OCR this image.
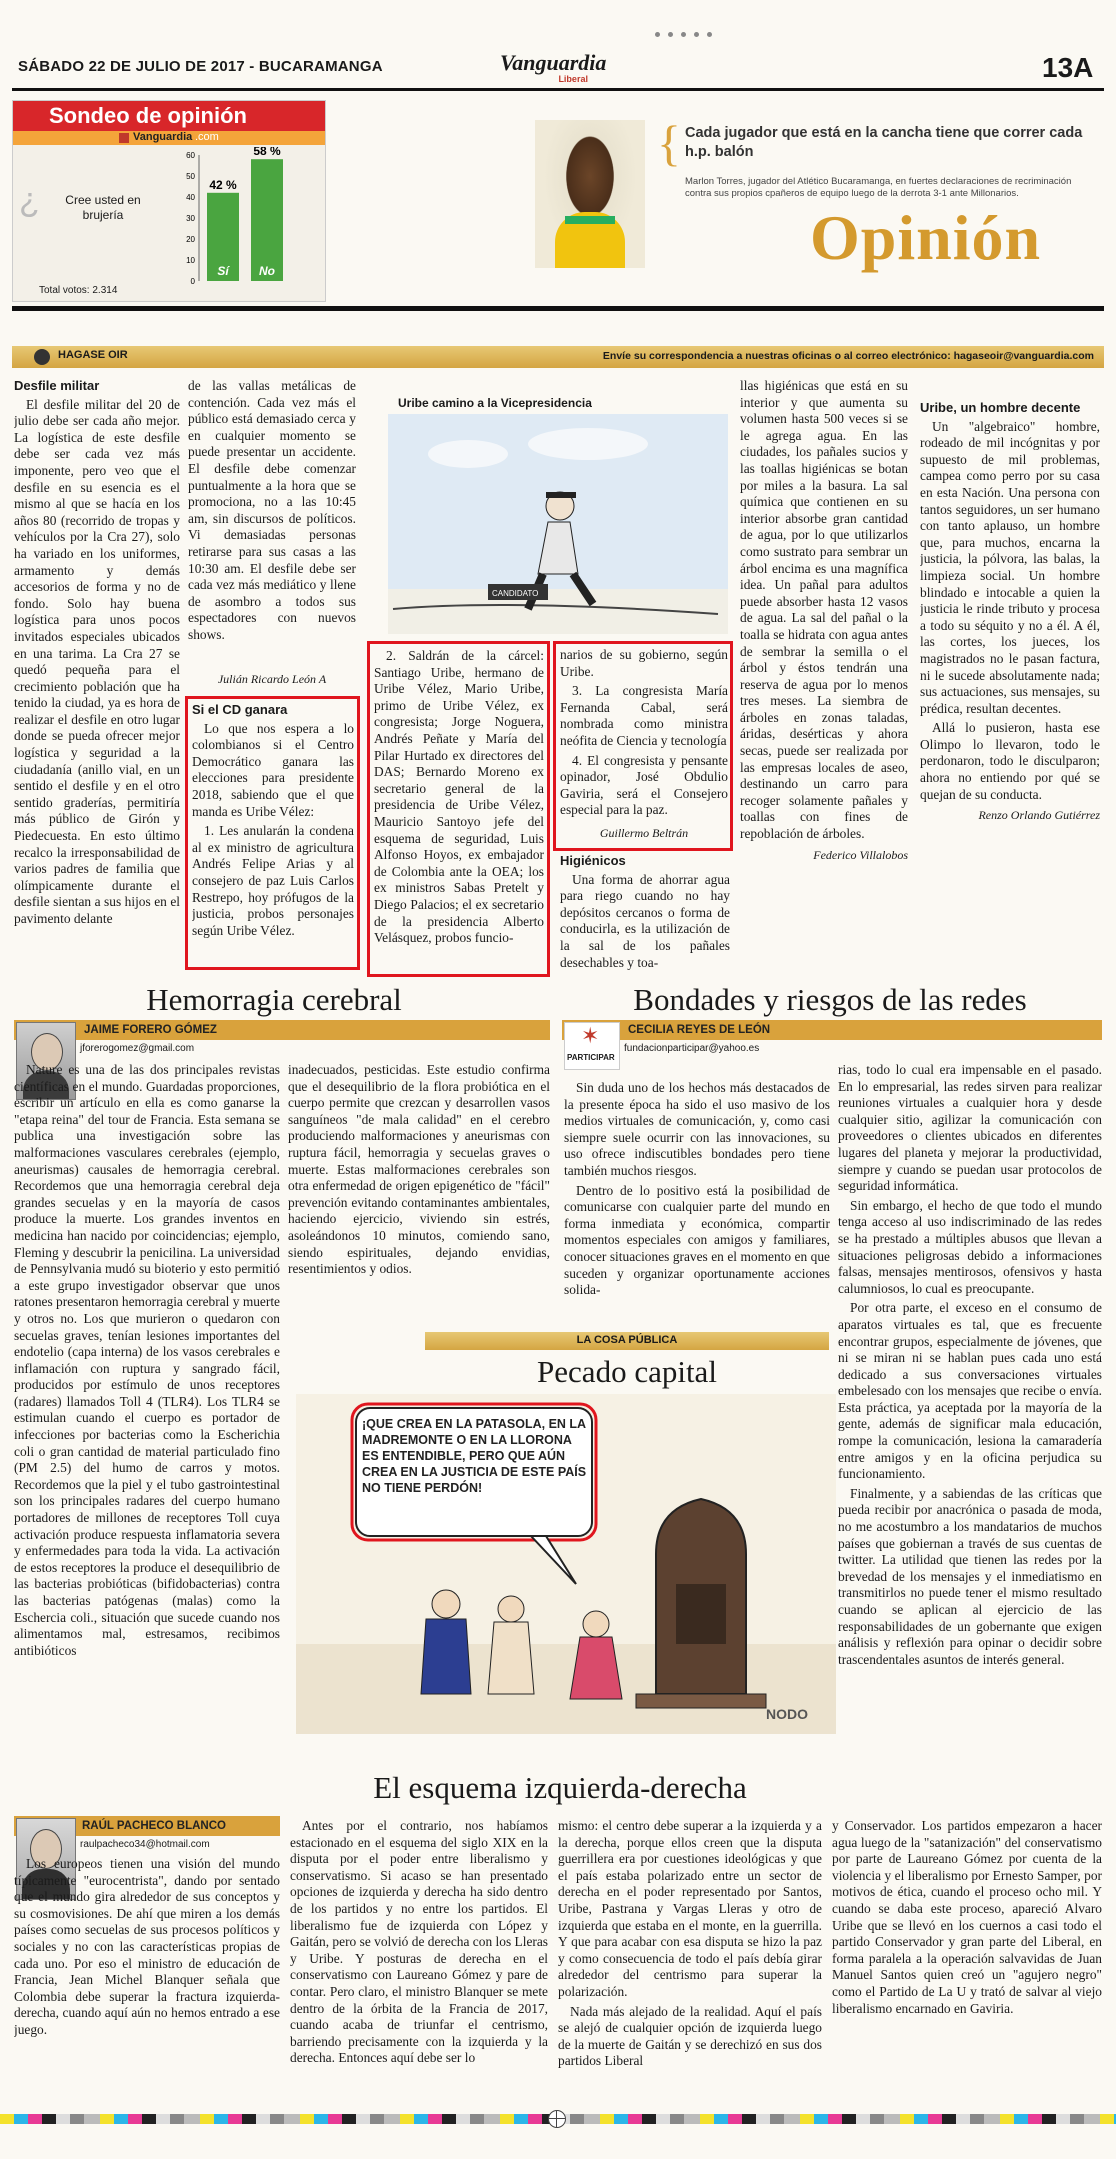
SÁBADO 22 DE JULIO DE 2017 - BUCARAMANGA	Vanguardia
Liberal	13A
Sondeo de opinión
Vanguardia .com
¿	Cree usted en brujería
Total votos: 2.314
0
10
20
30
40
50
60
42 %
Sí
58 %
No
{ Cada jugador que está en la cancha tiene que correr cada h.p. balón
Marlon Torres, jugador del Atlético Bucaramanga, en fuertes declaraciones de recriminación contra sus propios cpañeros de equipo luego de la derrota 3-1 ante Millonarios.
Opinión
HAGASE OIR	Envíe su correspondencia a nuestras oficinas o al correo electrónico: hagaseoir@vanguardia.com
Desfile militar

El desfile militar del 20 de julio debe ser cada año mejor. La logística de este desfile debe ser cada vez más imponente, pero veo que el desfile en su esencia es el mismo al que se hacía en los años 80 (recorrido de tropas y vehículos por la Cra 27), solo ha variado en los uniformes, armamento y demás accesorios de forma y no de fondo. Solo hay buena logística para unos pocos invitados especiales ubicados en una tarima. La Cra 27 se quedó pequeña para el crecimiento población que ha tenido la ciudad, ya es hora de realizar el desfile en otro lugar donde se pueda ofrecer mejor logística y seguridad a la ciudadanía (anillo vial, en un sentido el desfile y en el otro sentido graderías, permitiría más público de Girón y Piedecuesta. En esto último recalco la irresponsabilidad de varios padres de familia que olímpicamente durante el desfile sientan a sus hijos en el pavimento delante

de las vallas metálicas de contención. Cada vez más el público está demasiado cerca y en cualquier momento se puede presentar un accidente. El desfile debe comenzar puntualmente a la hora que se promociona, no a las 10:45 am, sin discursos de políticos. Vi demasiadas personas retirarse para sus casas a las 10:30 am. El desfile debe ser cada vez más mediático y llene de asombro a todos sus espectadores con nuevos shows.

Julián Ricardo León A
Si el CD ganara

Lo que nos espera a lo colombianos si el Centro Democrático ganara las elecciones para presidente 2018, sabiendo que el que manda es Uribe Vélez:

1. Les anularán la condena al ex ministro de agricultura Andrés Felipe Arias y al consejero de paz Luis Carlos Restrepo, hoy prófugos de la justicia, probos personajes según Uribe Vélez.

Uribe camino a la Vicepresidencia
CANDIDATO

2. Saldrán de la cárcel: Santiago Uribe, hermano de Uribe Vélez, Mario Uribe, primo de Uribe Vélez, ex congresista; Jorge Noguera, Andrés Peñate y María del Pilar Hurtado ex directores del DAS; Bernardo Moreno ex secretario general de la presidencia de Uribe Vélez, Mauricio Santoyo jefe del esquema de seguridad, Luis Alfonso Hoyos, ex embajador de Colombia ante la OEA; los ex ministros Sabas Pretelt y Diego Palacios; el ex secretario de la presidencia Alberto Velásquez, probos funcio-

narios de su gobierno, según Uribe.

3. La congresista María Fernanda Cabal, será nombrada como ministra neófita de Ciencia y tecnología

4. El congresista y pensante opinador, José Obdulio Gaviria, será el Consejero especial para la paz.

Guillermo Beltrán
Higiénicos

Una forma de ahorrar agua para riego cuando no hay depósitos cercanos o forma de conducirla, es la utilización de la sal de los pañales desechables y toa-

llas higiénicas que está en su interior y que aumenta su volumen hasta 500 veces si se le agrega agua. En las ciudades, los pañales sucios y las toallas higiénicas se botan por miles a la basura. La sal química que contienen en su interior absorbe gran cantidad de agua, por lo que utilizarlos como sustrato para sembrar un árbol encima es una magnífica idea. Un pañal para adultos puede absorber hasta 12 vasos de agua. La sal del pañal o la toalla se hidrata con agua antes de sembrar la semilla o el árbol y éstos tendrán una reserva de agua por lo menos tres meses. La siembra de árboles en zonas taladas, áridas, desérticas y ahora secas, puede ser realizada por las empresas locales de aseo, destinando un carro para recoger solamente pañales y toallas con fines de repoblación de árboles.

Federico Villalobos
Uribe, un hombre decente

Un "algebraico" hombre, rodeado de mil incógnitas y por supuesto de mil problemas, campea como perro por su casa en esta Nación. Una persona con tantos seguidores, un ser humano con tanto aplauso, un hombre que, para muchos, encarna la justicia, la pólvora, las balas, la limpieza social. Un hombre blindado e intocable a quien la justicia le rinde tributo y procesa a todo su séquito y no a él. A él, las cortes, los jueces, los magistrados no le pasan factura, ni le sucede absolutamente nada; sus actuaciones, sus mensajes, su prédica, resultan decentes.

Allá lo pusieron, hasta ese Olimpo lo llevaron, todo le perdonaron, todo le disculparon; ahora no entiendo por qué se quejan de su conducta.

Renzo Orlando Gutiérrez
Hemorragia cerebral
JAIME FORERO GÓMEZ
jforerogomez@gmail.com

Nature es una de las dos principales revistas científicas en el mundo. Guardadas proporciones, escribir un artículo en ella es como ganarse la "etapa reina" del tour de Francia. Esta semana se publica una investigación sobre las malformaciones vasculares cerebrales (ejemplo, aneurismas) causales de hemorragia cerebral. Recordemos que una hemorragia cerebral deja grandes secuelas y en la mayoría de casos produce la muerte. Los grandes inventos en medicina han nacido por coincidencias; ejemplo, Fleming y descubrir la penicilina. La universidad de Pennsylvania mudó su bioterio y esto permitió a este grupo investigador observar que unos ratones presentaron hemorragia cerebral y muerte y otros no. Los que murieron o quedaron con secuelas graves, tenían lesiones importantes del endotelio (capa interna) de los vasos cerebrales e inflamación con ruptura y sangrado fácil, producidos por estímulo de unos receptores (radares) llamados Toll 4 (TLR4). Los TLR4 se estimulan cuando el cuerpo es portador de infecciones por bacterias como la Escherichia coli o gran cantidad de material particulado fino (PM 2.5) del humo de carros y motos. Recordemos que la piel y el tubo gastrointestinal son los principales radares del cuerpo humano portadores de millones de receptores Toll cuya activación produce respuesta inflamatoria severa y enfermedades para toda la vida. La activación de estos receptores la produce el desequilibrio de las bacterias probióticas (bifidobacterias) contra las bacterias patógenas (malas) como la Eschercia coli., situación que sucede cuando nos alimentamos mal, estresamos, recibimos antibióticos

inadecuados, pesticidas. Este estudio confirma que el desequilibrio de la flora probiótica en el cuerpo permite que crezcan y desarrollen vasos sanguíneos "de mala calidad" en el cerebro produciendo malformaciones y aneurismas con ruptura fácil, hemorragia y secuelas graves o muerte. Estas malformaciones cerebrales son otra enfermedad de origen epigenético de "fácil" prevención evitando contaminantes ambientales, haciendo ejercicio, viviendo sin estrés, asoleándonos 10 minutos, comiendo sano, siendo espirituales, dejando envidias, resentimientos y odios.

Bondades y riesgos de las redes
CECILIA REYES DE LEÓN
✶
PARTICIPAR
fundacionparticipar@yahoo.es

Sin duda uno de los hechos más destacados de la presente época ha sido el uso masivo de los medios virtuales de comunicación, y, como casi siempre suele ocurrir con las innovaciones, su uso ofrece indiscutibles bondades pero tiene también muchos riesgos.

Dentro de lo positivo está la posibilidad de comunicarse con cualquier parte del mundo en forma inmediata y económica, compartir momentos especiales con amigos y familiares, conocer situaciones graves en el momento en que suceden y organizar oportunamente acciones solida-

rias, todo lo cual era impensable en el pasado. En lo empresarial, las redes sirven para realizar reuniones virtuales a cualquier hora y desde cualquier sitio, agilizar la comunicación con proveedores o clientes ubicados en diferentes lugares del planeta y mejorar la productividad, siempre y cuando se puedan usar protocolos de seguridad informática.

Sin embargo, el hecho de que todo el mundo tenga acceso al uso indiscriminado de las redes se ha prestado a múltiples abusos que llevan a situaciones peligrosas debido a informaciones falsas, mensajes mentirosos, ofensivos y hasta calumniosos, lo cual es preocupante.

Por otra parte, el exceso en el consumo de aparatos virtuales es tal, que es frecuente encontrar grupos, especialmente de jóvenes, que ni se miran ni se hablan pues cada uno está dedicado a sus conversaciones virtuales embelesado con los mensajes que recibe o envía. Esta práctica, ya aceptada por la mayoría de la gente, además de significar mala educación, rompe la comunicación, lesiona la camaradería entre amigos y en la oficina perjudica su funcionamiento.

Finalmente, y a sabiendas de las críticas que pueda recibir por anacrónica o pasada de moda, no me acostumbro a los mandatarios de muchos países que gobiernan a través de sus cuentas de twitter. La utilidad que tienen las redes por la brevedad de los mensajes y el inmediatismo en transmitirlos no puede tener el mismo resultado cuando se aplican al ejercicio de las responsabilidades de un gobernante que exigen análisis y reflexión para opinar o decidir sobre trascendentales asuntos de interés general.

LA COSA PÚBLICA
Pecado capital
¡QUE CREA EN LA PATASOLA, EN LA MADREMONTE O EN LA LLORONA ES ENTENDIBLE, PERO QUE AÚN CREA EN LA JUSTICIA DE ESTE PAÍS NO TIENE PERDÓN!
NODO
El esquema izquierda-derecha
RAÚL PACHECO BLANCO
raulpacheco34@hotmail.com

Los europeos tienen una visión del mundo típicamente "eurocentrista", dando por sentado que el mundo gira alrededor de sus conceptos y su cosmovisiones. De ahí que miren a los demás países como secuelas de sus procesos políticos y sociales y no con las características propias de cada uno. Por eso el ministro de educación de Francia, Jean Michel Blanquer señala que Colombia debe superar la fractura izquierda- derecha, cuando aquí aún no hemos entrado a ese juego.

Antes por el contrario, nos habíamos estacionado en el esquema del siglo XIX en la disputa por el poder entre liberalismo y conservatismo. Si acaso se han presentado opciones de izquierda y derecha ha sido dentro de los partidos y no entre los partidos. El liberalismo fue de izquierda con López y Gaitán, pero se volvió de derecha con los Lleras y Uribe. Y posturas de derecha en el conservatismo con Laureano Gómez y pare de contar. Pero claro, el ministro Blanquer se mete dentro de la órbita de la Francia de 2017, cuando acaba de triunfar el centrismo, barriendo precisamente con la izquierda y la derecha. Entonces aquí debe ser lo

mismo: el centro debe superar a la izquierda y a la derecha, porque ellos creen que la disputa guerrillera era por cuestiones ideológicas y que el país estaba polarizado entre un sector de derecha en el poder representado por Santos, Uribe, Pastrana y Vargas Lleras y otro de izquierda que estaba en el monte, en la guerrilla. Y que para acabar con esa disputa se hizo la paz y como consecuencia de todo el país debía girar alrededor del centrismo para superar la polarización.

Nada más alejado de la realidad. Aquí el país se alejó de cualquier opción de izquierda luego de la muerte de Gaitán y se derechizó en sus dos partidos Liberal

y Conservador. Los partidos empezaron a hacer agua luego de la "satanización" del conservatismo por parte de Laureano Gómez por cuenta de la violencia y el liberalismo por Ernesto Samper, por motivos de ética, cuando el proceso ocho mil. Y cuando se daba este proceso, apareció Alvaro Uribe que se llevó en los cuernos a casi todo el partido Conservador y gran parte del Liberal, en forma paralela a la operación salvavidas de Juan Manuel Santos quien creó un "agujero negro" como el Partido de La U y trató de salvar al viejo liberalismo encarnado en Gaviria.
